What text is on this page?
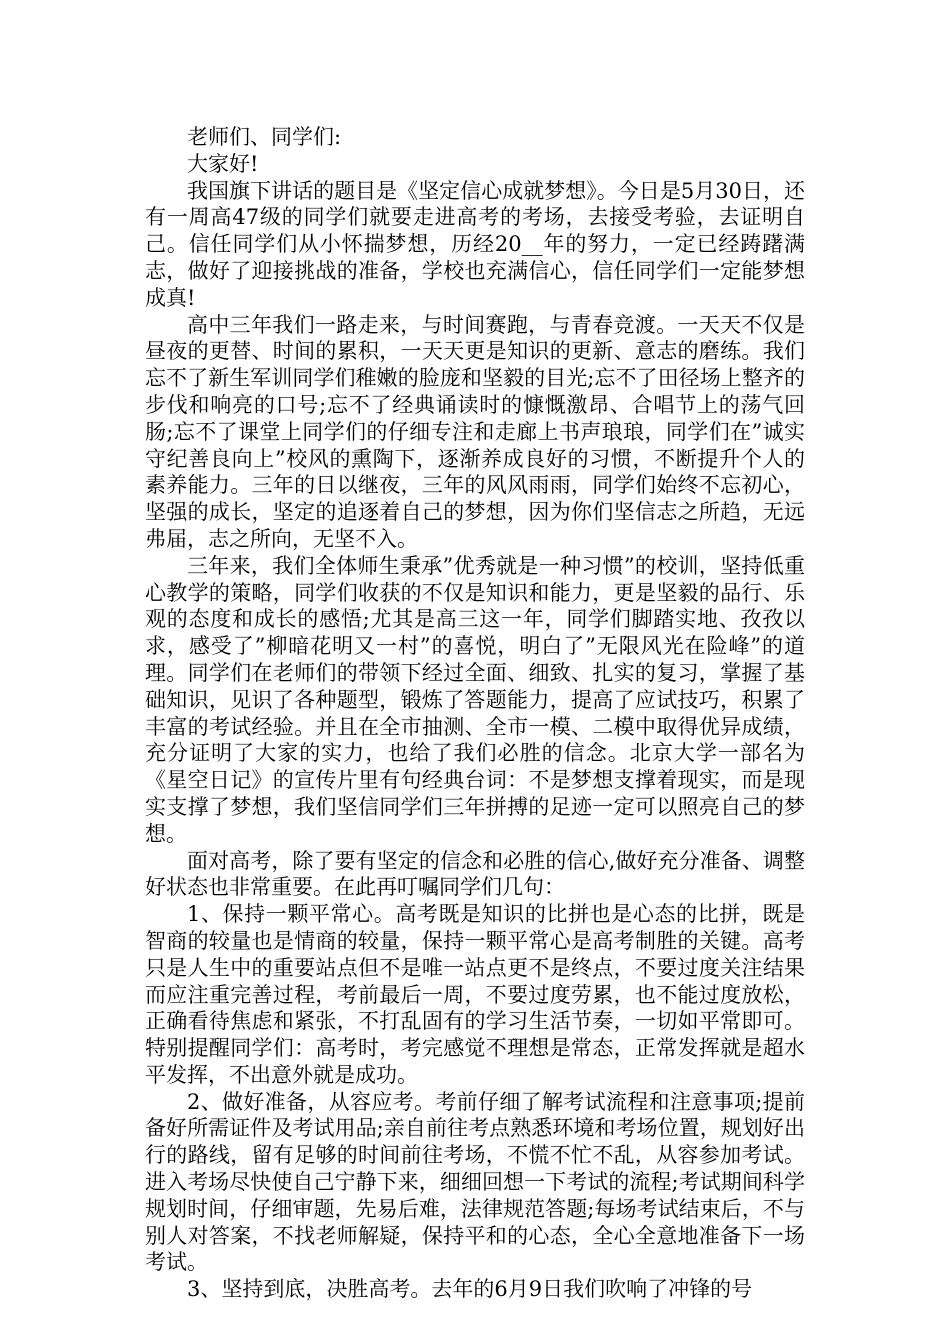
老师们、同学们:

大家好!

我国旗下讲话的题目是《坚定信心成就梦想》。今日是5月30日，还有一周高47级的同学们就要走进高考的考场，去接受考验，去证明自己。信任同学们从小怀揣梦想，历经20__年的努力，一定已经踌躇满志，做好了迎接挑战的准备，学校也充满信心，信任同学们一定能梦想成真!

高中三年我们一路走来，与时间赛跑，与青春竞渡。一天天不仅是昼夜的更替、时间的累积，一天天更是知识的更新、意志的磨练。我们忘不了新生军训同学们稚嫩的脸庞和坚毅的目光;忘不了田径场上整齐的步伐和响亮的口号;忘不了经典诵读时的慷慨激昂、合唱节上的荡气回肠;忘不了课堂上同学们的仔细专注和走廊上书声琅琅，同学们在”诚实守纪善良向上”校风的熏陶下，逐渐养成良好的习惯，不断提升个人的素养能力。三年的日以继夜，三年的风风雨雨，同学们始终不忘初心，坚强的成长，坚定的追逐着自己的梦想，因为你们坚信志之所趋，无远弗届，志之所向，无坚不入。

三年来，我们全体师生秉承”优秀就是一种习惯”的校训，坚持低重心教学的策略，同学们收获的不仅是知识和能力，更是坚毅的品行、乐观的态度和成长的感悟;尤其是高三这一年，同学们脚踏实地、孜孜以求，感受了”柳暗花明又一村”的喜悦，明白了”无限风光在险峰”的道理。同学们在老师们的带领下经过全面、细致、扎实的复习，掌握了基础知识，见识了各种题型，锻炼了答题能力，提高了应试技巧，积累了丰富的考试经验。并且在全市抽测、全市一模、二模中取得优异成绩，充分证明了大家的实力，也给了我们必胜的信念。北京大学一部名为《星空日记》的宣传片里有句经典台词：不是梦想支撑着现实，而是现实支撑了梦想，我们坚信同学们三年拼搏的足迹一定可以照亮自己的梦想。

面对高考，除了要有坚定的信念和必胜的信心,做好充分准备、调整好状态也非常重要。在此再叮嘱同学们几句：

1、保持一颗平常心。高考既是知识的比拼也是心态的比拼，既是智商的较量也是情商的较量，保持一颗平常心是高考制胜的关键。高考只是人生中的重要站点但不是唯一站点更不是终点，不要过度关注结果而应注重完善过程，考前最后一周，不要过度劳累，也不能过度放松，正确看待焦虑和紧张，不打乱固有的学习生活节奏，一切如平常即可。特别提醒同学们：高考时，考完感觉不理想是常态，正常发挥就是超水平发挥，不出意外就是成功。

2、做好准备，从容应考。考前仔细了解考试流程和注意事项;提前备好所需证件及考试用品;亲自前往考点熟悉环境和考场位置，规划好出行的路线，留有足够的时间前往考场，不慌不忙不乱，从容参加考试。进入考场尽快使自己宁静下来，细细回想一下考试的流程;考试期间科学规划时间，仔细审题，先易后难，法律规范答题;每场考试结束后，不与别人对答案，不找老师解疑，保持平和的心态，全心全意地准备下一场考试。

3、坚持到底，决胜高考。去年的6月9日我们吹响了冲锋的号
